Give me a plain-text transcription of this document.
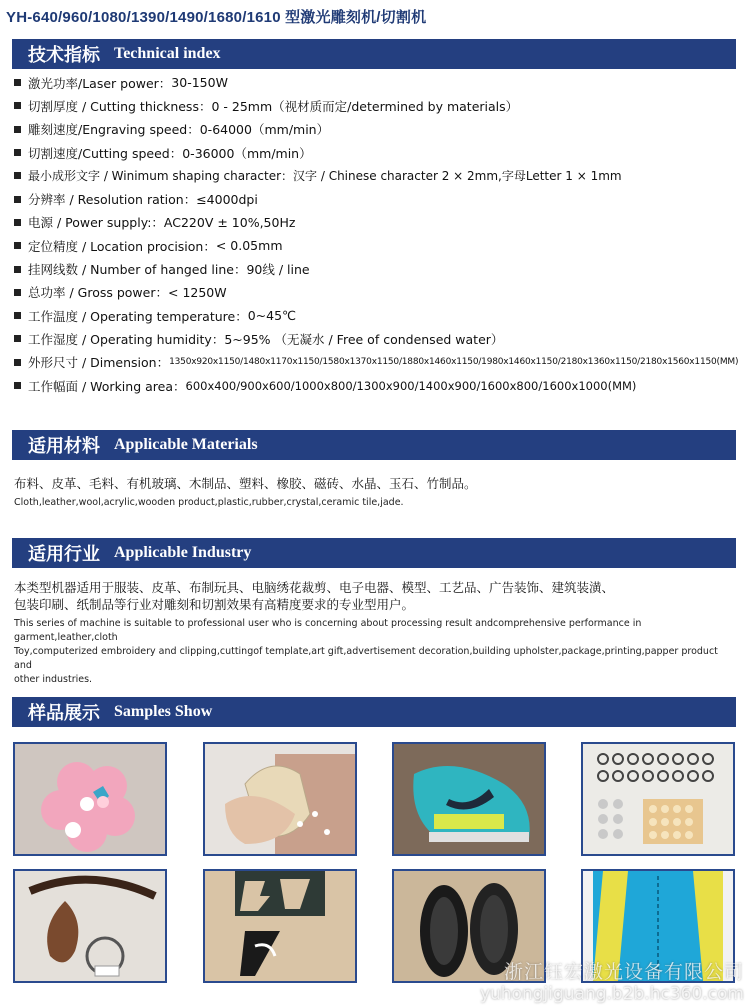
YH-640/960/1080/1390/1490/1680/1610 型激光雕刻机/切割机
技术指标 Technical index
激光功率/Laser power： 30-150W
切割厚度 / Cutting thickness： 0 - 25mm（视材质而定/determined by materials）
雕刻速度/Engraving speed： 0-64000（mm/min）
切割速度/Cutting speed： 0-36000（mm/min）
最小成形文字 / Winimum shaping character： 汉字 / Chinese character 2 × 2mm,字母Letter 1 × 1mm
分辨率 / Resolution ration： ≤4000dpi
电源 / Power supply:： AC220V ± 10%,50Hz
定位精度 / Location procision： < 0.05mm
挂网线数 / Number of hanged line： 90线 / line
总功率 / Gross power： < 1250W
工作温度 / Operating temperature： 0~45℃
工作湿度 / Operating humidity： 5~95% （无凝水 / Free of condensed water）
外形尺寸 / Dimension： 1350x920x1150/1480x1170x1150/1580x1370x1150/1880x1460x1150/1980x1460x1150/2180x1360x1150/2180x1560x1150(MM)
工作幅面 / Working area： 600x400/900x600/1000x800/1300x900/1400x900/1600x800/1600x1000(MM)
适用材料 Applicable Materials
布料、皮革、毛料、有机玻璃、木制品、塑料、橡胶、磁砖、水晶、玉石、竹制品。
Cloth,leather,wool,acrylic,wooden product,plastic,rubber,crystal,ceramic tile,jade.
适用行业 Applicable Industry
本类型机器适用于服装、皮革、布制玩具、电脑绣花裁剪、电子电器、模型、工艺品、广告装饰、建筑装潢、
包装印刷、纸制品等行业对雕刻和切割效果有高精度要求的专业型用户。
This series of machine is suitable to professional user who is concerning about processing result andcomprehensive performance in garment,leather,cloth
Toy,computerized embroidery and clipping,cuttingof template,art gift,advertisement decoration,building upholster,package,printing,papper product and
other industries.
样品展示 Samples Show
浙江钰宏激光设备有限公司
yuhongjiguang.b2b.hc360.com
